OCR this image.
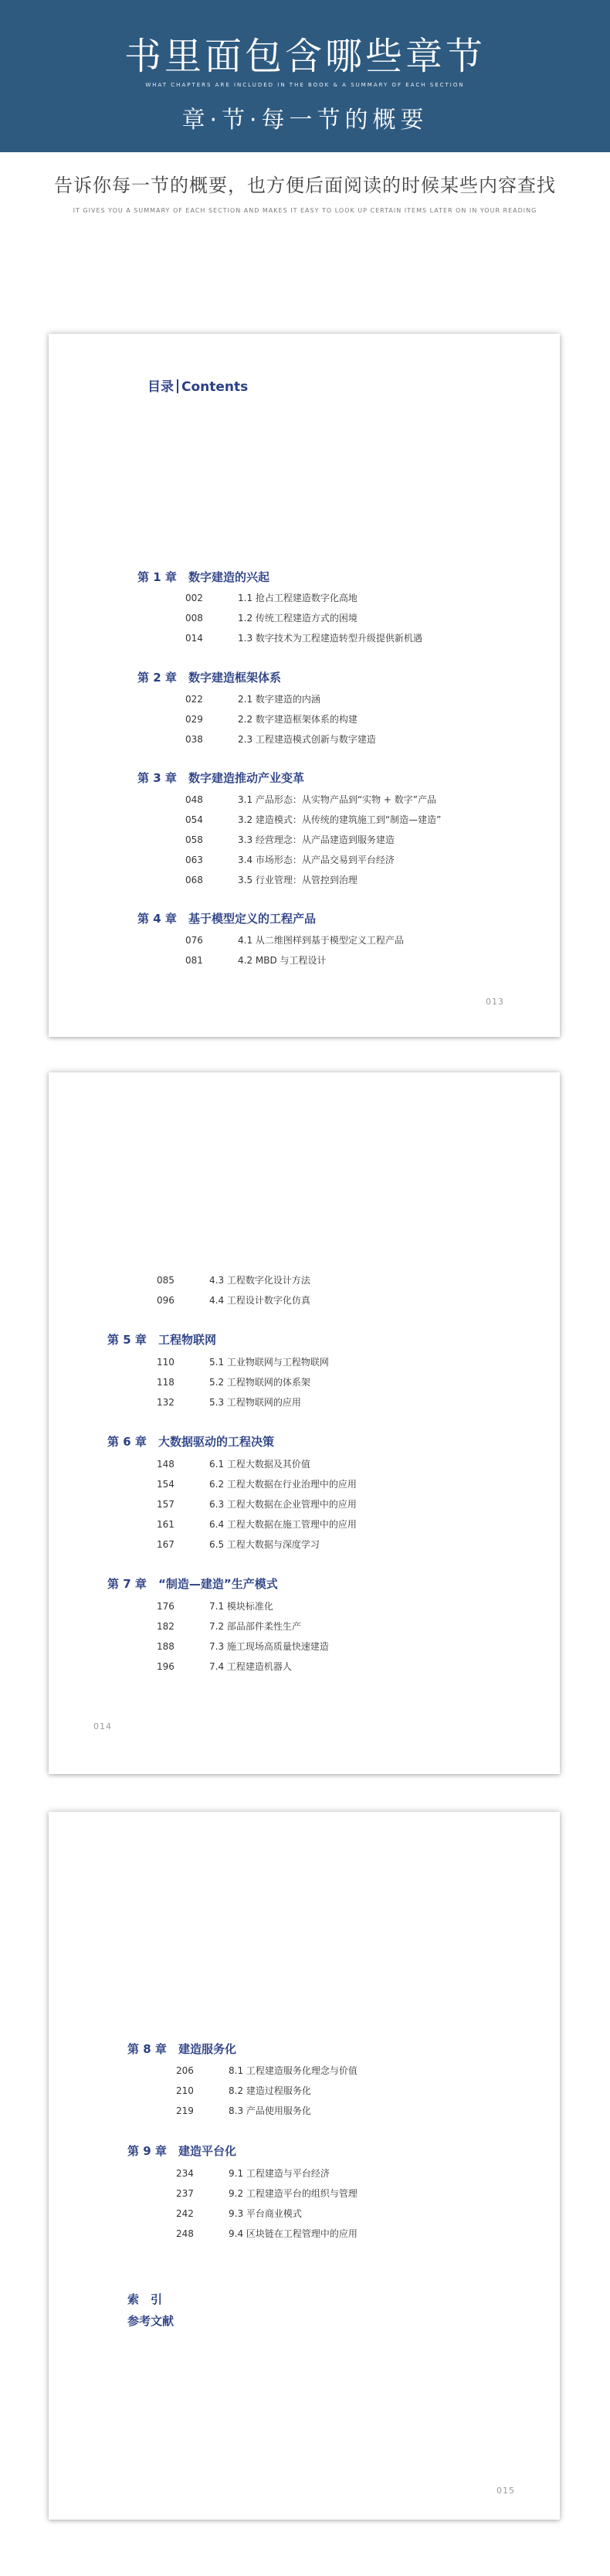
书里面包含哪些章节
WHAT CHAPTERS ARE INCLUDED IN THE BOOK & A SUMMARY OF EACH SECTION
章·节·每一节的概要
告诉你每一节的概要，也方便后面阅读的时候某些内容查找
IT GIVES YOU A SUMMARY OF EACH SECTION AND MAKES IT EASY TO LOOK UP CERTAIN ITEMS LATER ON IN YOUR READING
目录 Contents
第 1 章 数字建造的兴起
002	1.1 抢占工程建造数字化高地
008	1.2 传统工程建造方式的困境
014	1.3 数字技术为工程建造转型升级提供新机遇
第 2 章 数字建造框架体系
022	2.1 数字建造的内涵
029	2.2 数字建造框架体系的构建
038	2.3 工程建造模式创新与数字建造
第 3 章 数字建造推动产业变革
048	3.1 产品形态：从实物产品到“实物 + 数字”产品
054	3.2 建造模式：从传统的建筑施工到“制造—建造”
058	3.3 经营理念：从产品建造到服务建造
063	3.4 市场形态：从产品交易到平台经济
068	3.5 行业管理：从管控到治理
第 4 章 基于模型定义的工程产品
076	4.1 从二维图样到基于模型定义工程产品
081	4.2 MBD 与工程设计
013
085	4.3 工程数字化设计方法
096	4.4 工程设计数字化仿真
第 5 章 工程物联网
110	5.1 工业物联网与工程物联网
118	5.2 工程物联网的体系架
132	5.3 工程物联网的应用
第 6 章 大数据驱动的工程决策
148	6.1 工程大数据及其价值
154	6.2 工程大数据在行业治理中的应用
157	6.3 工程大数据在企业管理中的应用
161	6.4 工程大数据在施工管理中的应用
167	6.5 工程大数据与深度学习
第 7 章 “制造—建造”生产模式
176	7.1 模块标准化
182	7.2 部品部件柔性生产
188	7.3 施工现场高质量快速建造
196	7.4 工程建造机器人
014
第 8 章 建造服务化
206	8.1 工程建造服务化理念与价值
210	8.2 建造过程服务化
219	8.3 产品使用服务化
第 9 章 建造平台化
234	9.1 工程建造与平台经济
237	9.2 工程建造平台的组织与管理
242	9.3 平台商业模式
248	9.4 区块链在工程管理中的应用
索　引
参考文献
015
